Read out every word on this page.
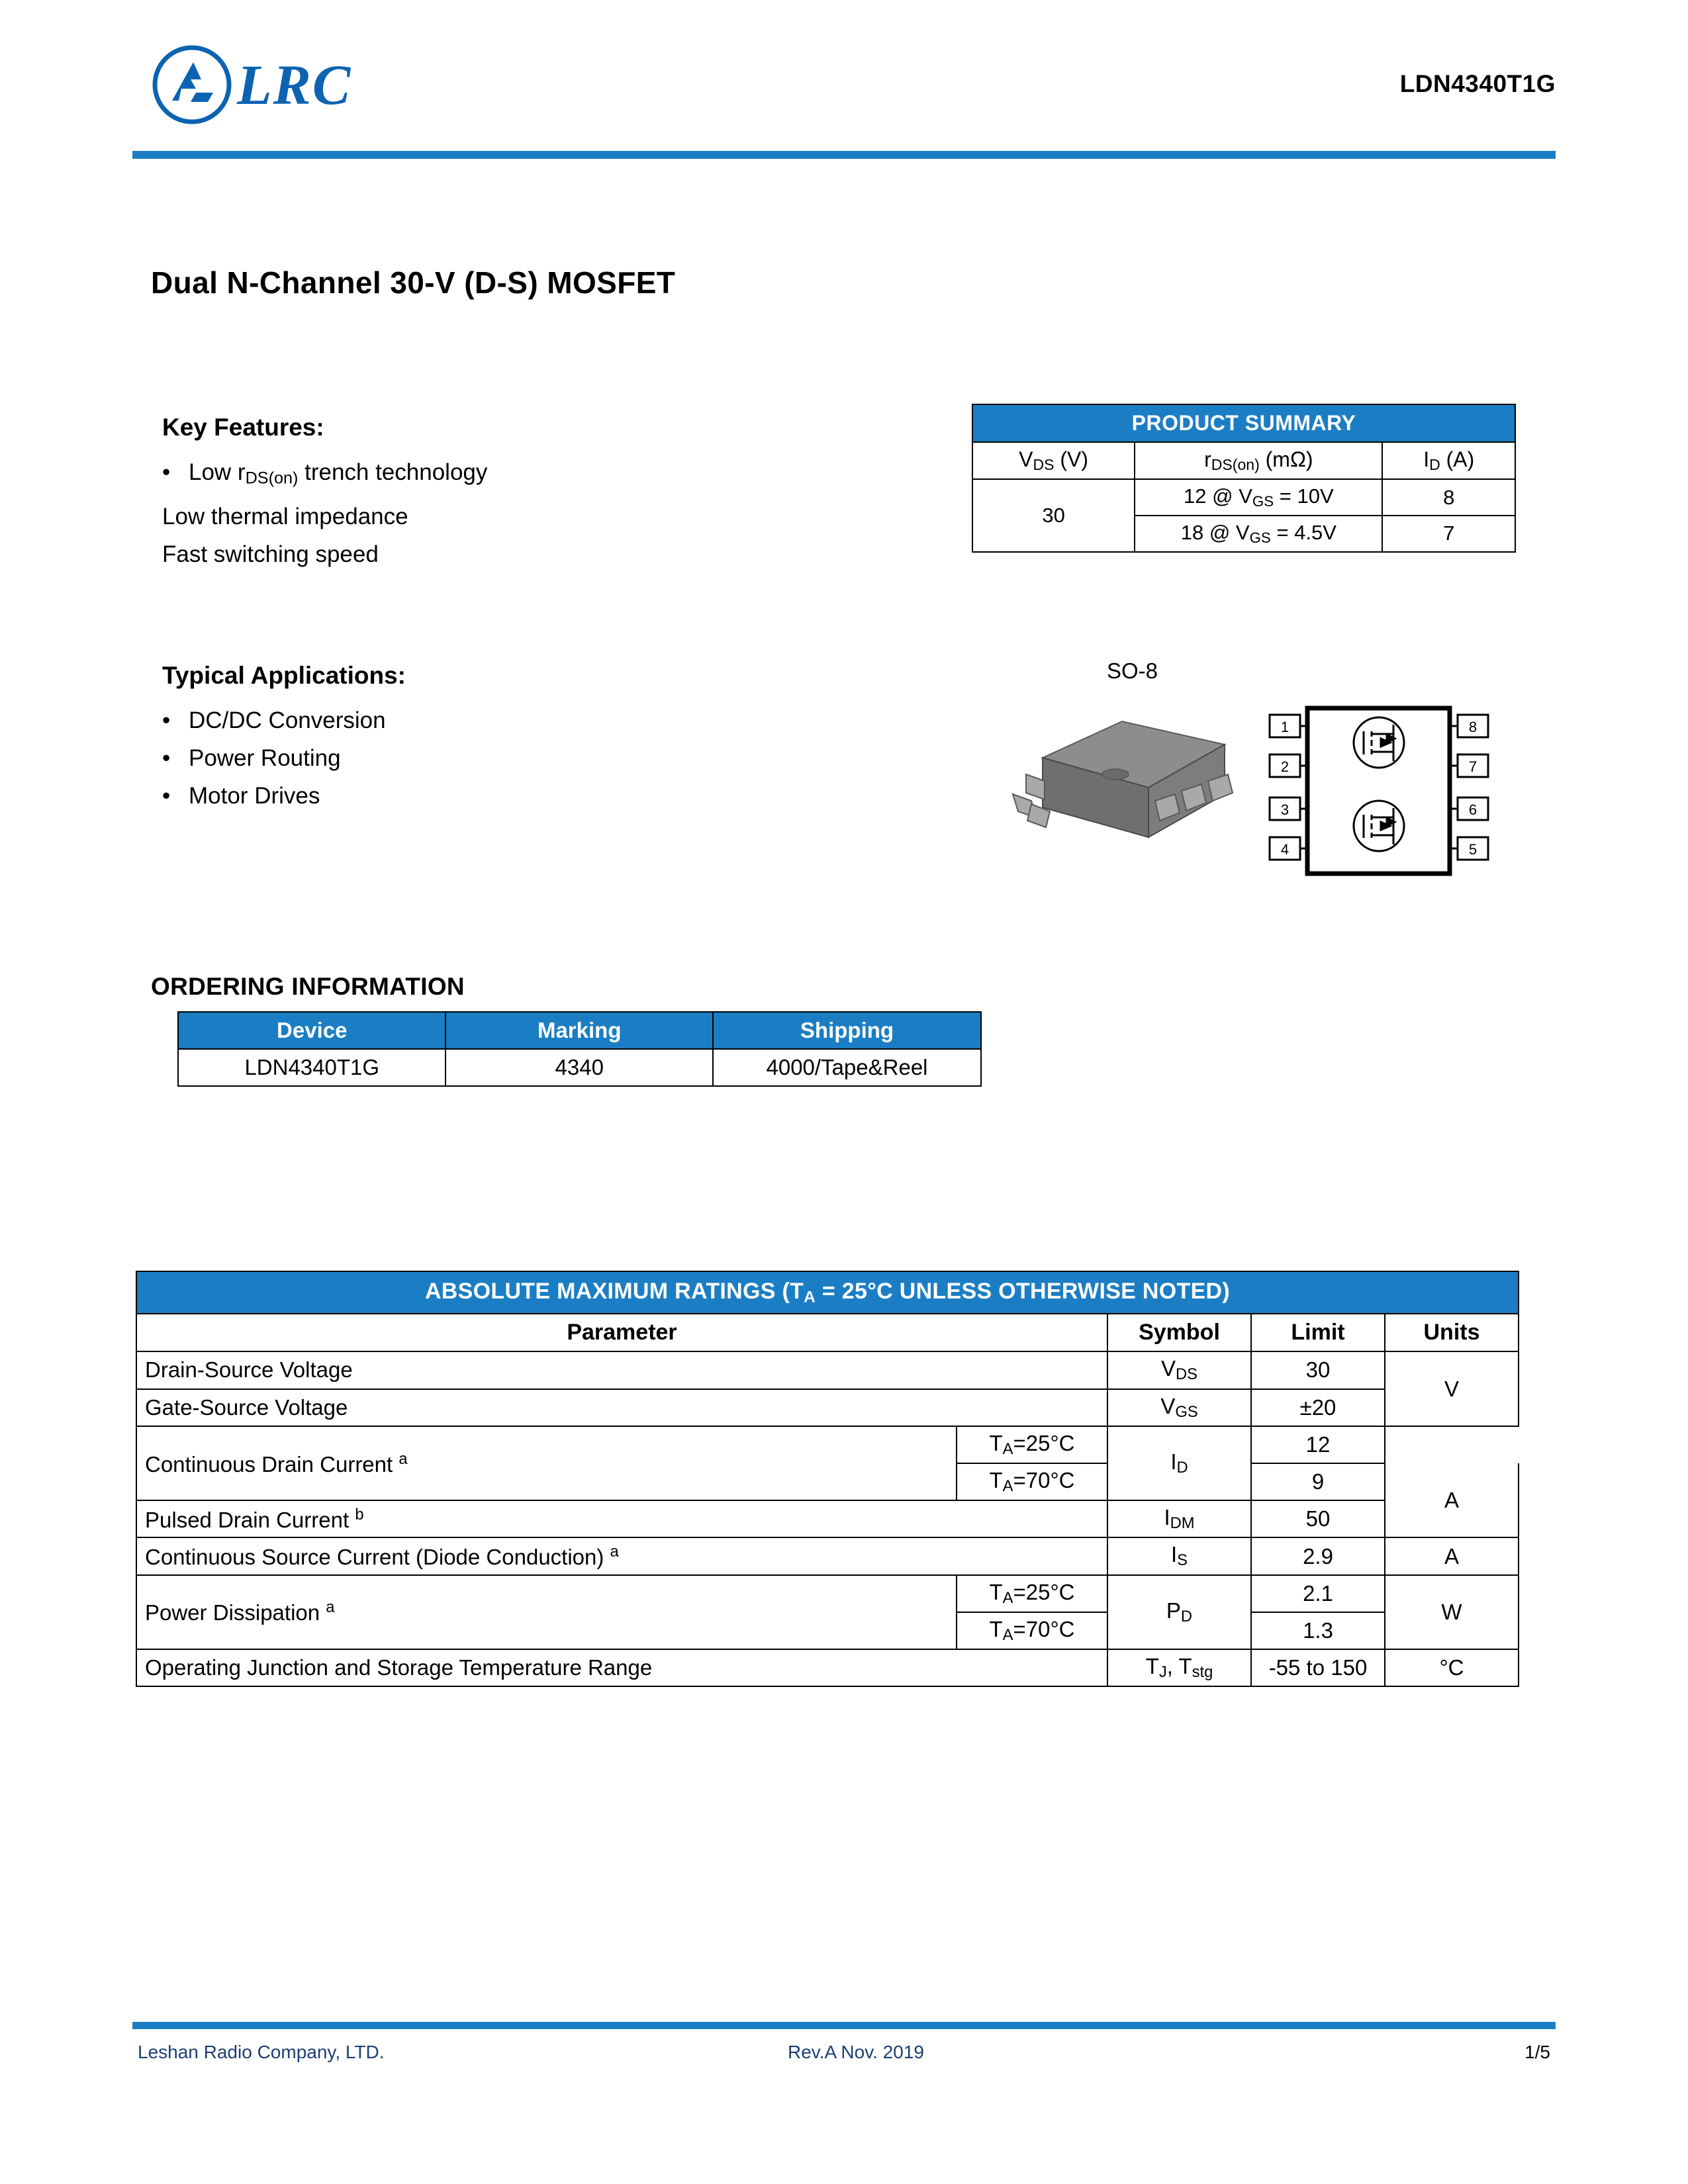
LRC	LDN4340T1G
Dual N-Channel 30-V (D-S) MOSFET
Key Features:
• Low $r_{DS(on)}$ trench technology
Low thermal impedance
Fast switching speed
Typical Applications:
• DC/DC Conversion
• Power Routing
• Motor Drives
PRODUCT SUMMARY		
$V_{DS}$ (V)	$r_{DS(on)}$ (mΩ)	$I_D$ (A)
30	12 @ $V_{GS} = 10V$	8
	18 @ $V_{GS} = 4.5V$	7
SO-8
1
2
3
4	5
6
7
8
ORDERING INFORMATION
Device	Marking	Shipping
LDN4340T1G	4340	4000/Tape&Reel
ABSOLUTE MAXIMUM RATINGS ($T_A = 25^\circ C$ UNLESS OTHERWISE NOTED)				
Parameter		Symbol	Limit	Units
Drain-Source Voltage		$V_{DS}$	30	V
Gate-Source Voltage		$V_{GS}$	±20	
Continuous Drain Current $^a$	$T_A=25^\circ C$	$I_D$	12	
	$T_A=70^\circ C$		9	A
Pulsed Drain Current $^b$		$I_{DM}$	50	
Continuous Source Current (Diode Conduction) $^a$		$I_S$	2.9	A
Power Dissipation $^a$	$T_A=25^\circ C$	$P_D$	2.1	W
	$T_A=70^\circ C$		1.3	
Operating Junction and Storage Temperature Range		$T_J$, $T_{stg}$	-55 to 150	°C
Leshan Radio Company, LTD.	Rev.A Nov. 2019	1/5
